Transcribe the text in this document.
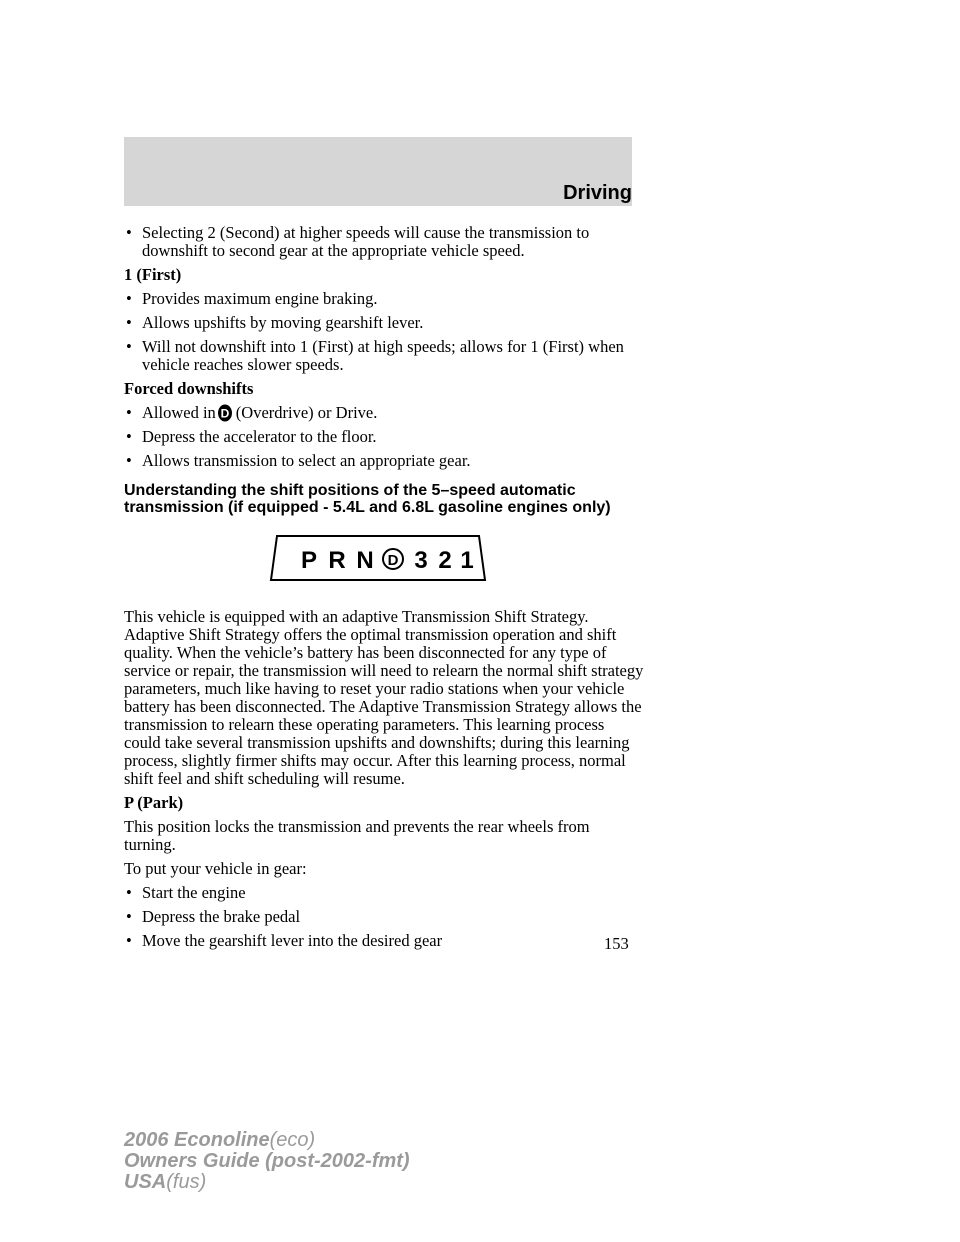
Driving
• Selecting 2 (Second) at higher speeds will cause the transmission to downshift to second gear at the appropriate vehicle speed.
1 (First)
• Provides maximum engine braking.
• Allows upshifts by moving gearshift lever.
• Will not downshift into 1 (First) at high speeds; allows for 1 (First) when vehicle reaches slower speeds.
Forced downshifts
• Allowed in D (Overdrive) or Drive.
• Depress the accelerator to the floor.
• Allows transmission to select an appropriate gear.
Understanding the shift positions of the 5–speed automatic transmission (if equipped - 5.4L and 6.8L gasoline engines only)
P R N D 3 2 1
This vehicle is equipped with an adaptive Transmission Shift Strategy. Adaptive Shift Strategy offers the optimal transmission operation and shift quality. When the vehicle’s battery has been disconnected for any type of service or repair, the transmission will need to relearn the normal shift strategy parameters, much like having to reset your radio stations when your vehicle battery has been disconnected. The Adaptive Transmission Strategy allows the transmission to relearn these operating parameters. This learning process could take several transmission upshifts and downshifts; during this learning process, slightly firmer shifts may occur. After this learning process, normal shift feel and shift scheduling will resume.
P (Park)
This position locks the transmission and prevents the rear wheels from turning.
To put your vehicle in gear:
• Start the engine
• Depress the brake pedal
• Move the gearshift lever into the desired gear	153
2006 Econoline(eco)
Owners Guide (post-2002-fmt)
USA(fus)
